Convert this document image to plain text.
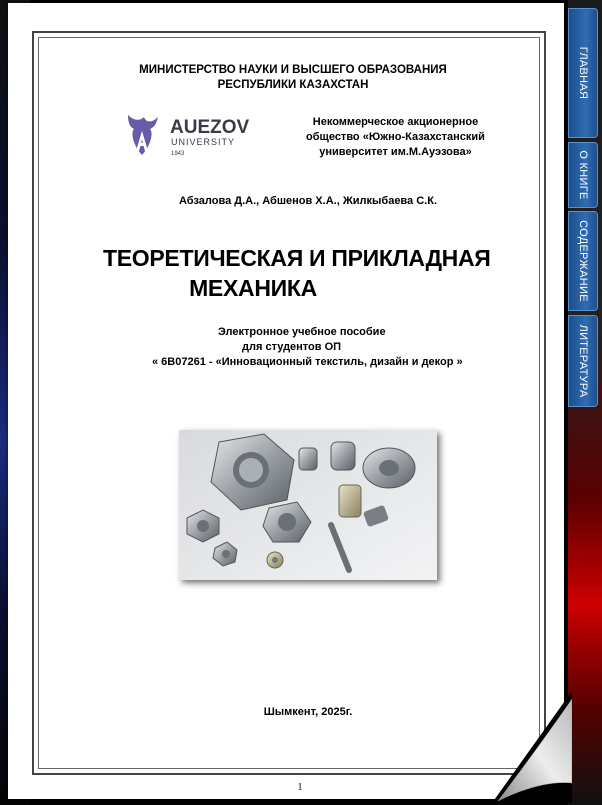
МИНИСТЕРСТВО НАУКИ И ВЫСШЕГО ОБРАЗОВАНИЯ
РЕСПУБЛИКИ КАЗАХСТАН
AUEZOV
UNIVERSITY
1943
Некоммерческое акционерное
общество «Южно-Казахстанский
университет им.М.Ауэзова»
Абзалова Д.А., Абшенов Х.А., Жилкыбаева С.К.
ТЕОРЕТИЧЕСКАЯ И ПРИКЛАДНАЯ
МЕХАНИКА
Электронное учебное пособие
для студентов ОП
« 6В07261 - «Инновационный текстиль, дизайн и декор »
Шымкент, 2025г.
1
ГЛАВНАЯ
О КНИГЕ
СОДЕРЖАНИЕ
ЛИТЕРАТУРА
